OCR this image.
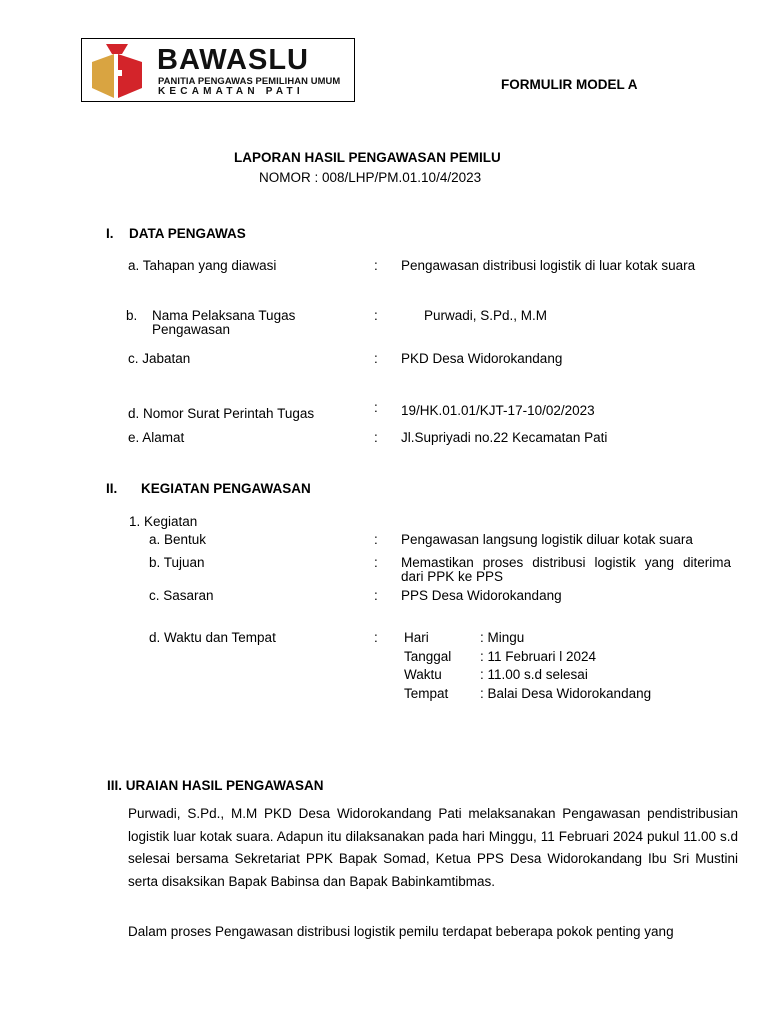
BAWASLU
PANITIA PENGAWAS PEMILIHAN UMUM
KECAMATAN PATI	FORMULIR MODEL A
LAPORAN HASIL PENGAWASAN PEMILU
NOMOR : 008/LHP/PM.01.10/4/2023
I. DATA PENGAWAS
a. Tahapan yang diawasi	: Pengawasan distribusi logistik di luar kotak suara
b. Nama Pelaksana Tugas
Pengawasan
:	Purwadi, S.Pd., M.M
c. Jabatan	: PKD Desa Widorokandang
d. Nomor Surat Perintah Tugas	: 19/HK.01.01/KJT-17-10/02/2023
e. Alamat	: Jl.Supriyadi no.22 Kecamatan Pati
II. KEGIATAN PENGAWASAN
1. Kegiatan
a. Bentuk	: Pengawasan langsung logistik diluar kotak suara
b. Tujuan	: Memastikan proses distribusi logistik yang diterima dari PPK ke PPS
c. Sasaran	: PPS Desa Widorokandang
d. Waktu dan Tempat	: Hari	: Mingu
Tanggal : 11 Februari l 2024
Waktu	: 11.00 s.d selesai
Tempat : Balai Desa Widorokandang
III. URAIAN HASIL PENGAWASAN
Purwadi, S.Pd., M.M PKD Desa Widorokandang Pati melaksanakan Pengawasan pendistribusian logistik luar kotak suara. Adapun itu dilaksanakan pada hari Minggu, 11 Februari 2024 pukul 11.00 s.d selesai bersama Sekretariat PPK Bapak Somad, Ketua PPS Desa Widorokandang Ibu Sri Mustini serta disaksikan Bapak Babinsa dan Bapak Babinkamtibmas.
Dalam proses Pengawasan distribusi logistik pemilu terdapat beberapa pokok penting yang
